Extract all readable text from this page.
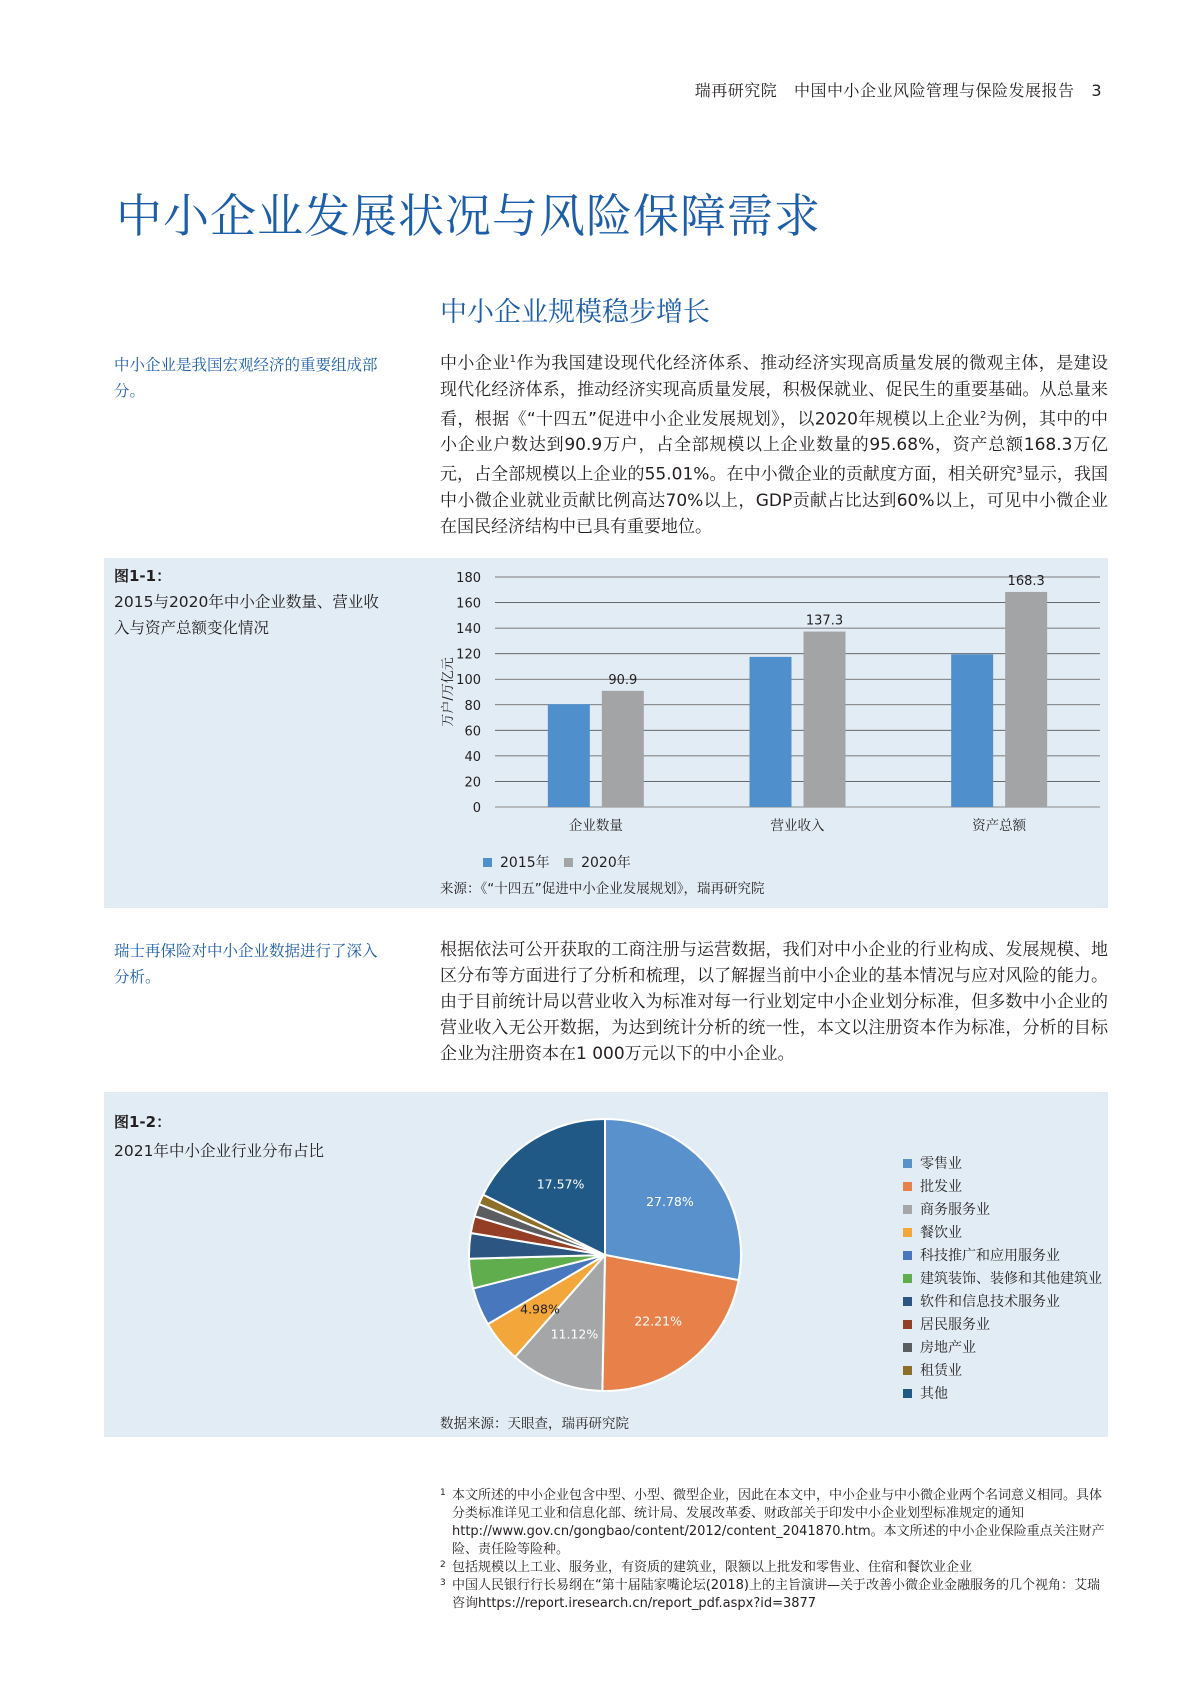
瑞再研究院 中国中小企业风险管理与保险发展报告 3
中小企业发展状况与风险保障需求
中小企业规模稳步增长
中小企业是我国宏观经济的重要组成部分。
中小企业$^1$作为我国建设现代化经济体系、推动经济实现高质量发展的微观主体，是建设现代化经济体系，推动经济实现高质量发展，积极保就业、促民生的重要基础。从总量来看，根据《“十四五”促进中小企业发展规划》，以2020年规模以上企业$^2$为例，其中的中小企业户数达到90.9万户，占全部规模以上企业数量的95.68%，资产总额168.3万亿元，占全部规模以上企业的55.01%。在中小微企业的贡献度方面，相关研究$^3$显示，我国中小微企业就业贡献比例高达70%以上，GDP贡献占比达到60%以上，可见中小微企业在国民经济结构中已具有重要地位。
图1-1：
2015与2020年中小企业数量、营业收入与资产总额变化情况
0
20
40
60
80
100
120
140
160
180
90.9
企业数量
137.3
营业收入
168.3
资产总额
万户/万亿元
2015年 2020年
来源：《“十四五”促进中小企业发展规划》，瑞再研究院
瑞士再保险对中小企业数据进行了深入分析。
根据依法可公开获取的工商注册与运营数据，我们对中小企业的行业构成、发展规模、地区分布等方面进行了分析和梳理，以了解握当前中小企业的基本情况与应对风险的能力。由于目前统计局以营业收入为标准对每一行业划定中小企业划分标准，但多数中小企业的营业收入无公开数据，为达到统计分析的统一性，本文以注册资本作为标准，分析的目标企业为注册资本在1 000万元以下的中小企业。
图1-2：
2021年中小企业行业分布占比
27.78%
22.21%
11.12%
4.98%
17.57%
零售业
批发业
商务服务业
餐饮业
科技推广和应用服务业
建筑装饰、装修和其他建筑业
软件和信息技术服务业
居民服务业
房地产业
租赁业
其他
数据来源：天眼查，瑞再研究院
1 本文所述的中小企业包含中型、小型、微型企业，因此在本文中，中小企业与中小微企业两个名词意义相同。具体分类标准详见工业和信息化部、统计局、发展改革委、财政部关于印发中小企业划型标准规定的通知http://www.gov.cn/gongbao/content/2012/content_2041870.htm。本文所述的中小企业保险重点关注财产险、责任险等险种。
2 包括规模以上工业、服务业，有资质的建筑业，限额以上批发和零售业、住宿和餐饮业企业
3 中国人民银行行长易纲在“第十届陆家嘴论坛(2018)上的主旨演讲—关于改善小微企业金融服务的几个视角：艾瑞咨询https://report.iresearch.cn/report_pdf.aspx?id=3877
